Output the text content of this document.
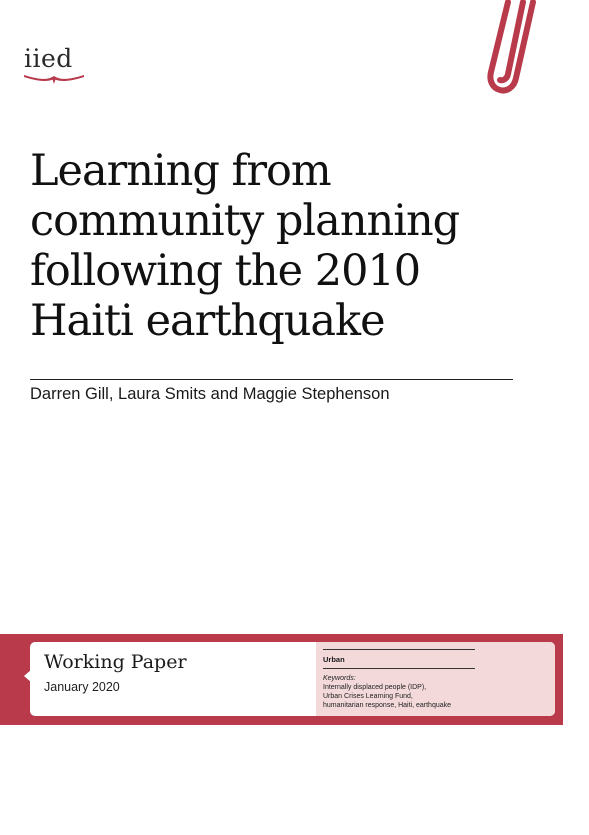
iied
Learning from
community planning
following the 2010
Haiti earthquake
Darren Gill, Laura Smits and Maggie Stephenson
Working Paper
January 2020
Urban
Keywords:
Internally displaced people (IDP),
Urban Crises Learning Fund,
humanitarian response, Haiti, earthquake
